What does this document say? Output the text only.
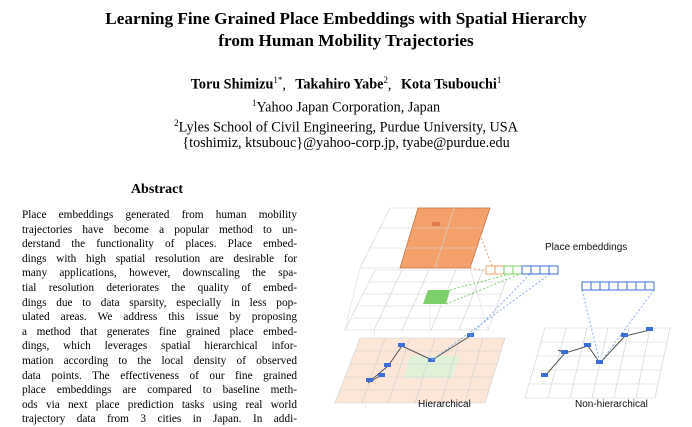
Learning Fine Grained Place Embeddings with Spatial Hierarchy
from Human Mobility Trajectories
Toru Shimizu$^{1*}$, Takahiro Yabe$^2$, Kota Tsubouchi$^1$
$^1$Yahoo Japan Corporation, Japan
$^2$Lyles School of Civil Engineering, Purdue University, USA
{toshimiz, ktsubouc}@yahoo-corp.jp, tyabe@purdue.edu
Abstract
Place embeddings generated from human mobility
trajectories have become a popular method to un-
derstand the functionality of places. Place embed-
dings with high spatial resolution are desirable for
many applications, however, downscaling the spa-
tial resolution deteriorates the quality of embed-
dings due to data sparsity, especially in less pop-
ulated areas. We address this issue by proposing
a method that generates fine grained place embed-
dings, which leverages spatial hierarchical infor-
mation according to the local density of observed
data points. The effectiveness of our fine grained
place embeddings are compared to baseline meth-
ods via next place prediction tasks using real world
trajectory data from 3 cities in Japan. In addi-
Place embeddings
Hierarchical	Non-hierarchical
